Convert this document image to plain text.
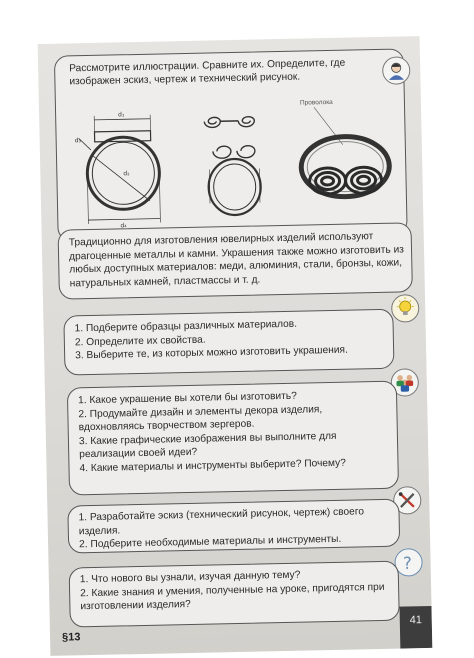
Рассмотрите иллюстрации. Сравните их. Определите, где изображен эскиз, чертеж и технический рисунок.
d₁
d₂
d₃
d₄
Проволока

Традиционно для изготовления ювелирных изделий используют драгоценные металлы и камни. Украшения также можно изготовить из любых доступных материалов: меди, алюминия, стали, бронзы, кожи, натуральных камней, пластмассы и т. д.

1. Подберите образцы различных материалов.

2. Определите их свойства.

3. Выберите те, из которых можно изготовить украшения.

1. Какое украшение вы хотели бы изготовить?

2. Продумайте дизайн и элементы декора изделия, вдохновляясь творчеством зергеров.

3. Какие графические изображения вы выполните для реализации своей идеи?

4. Какие материалы и инструменты выберите? Почему?

1. Разработайте эскиз (технический рисунок, чертеж) своего изделия.

2. Подберите необходимые материалы и инструменты.

?

1. Что нового вы узнали, изучая данную тему?

2. Какие знания и умения, полученные на уроке, пригодятся при изготовлении изделия?

§13
41
